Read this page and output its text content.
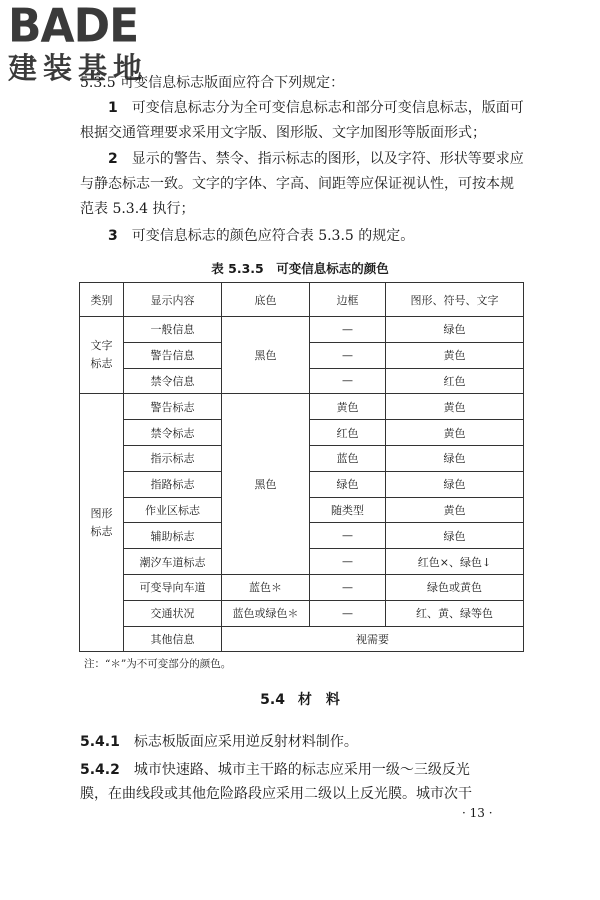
BADE
建装基地
5.3.5 可变信息标志版面应符合下列规定：
1　 可变信息标志分为全可变信息标志和部分可变信息标志，版面可根据交通管理要求采用文字版、图形版、文字加图形等版面形式；
2　 显示的警告、禁令、指示标志的图形，以及字符、形状等要求应与静态标志一致。文字的字体、字高、间距等应保证视认性，可按本规范表 5.3.4 执行；
3　 可变信息标志的颜色应符合表 5.3.5 的规定。
表 5.3.5　可变信息标志的颜色
类别	显示内容	底色	边框	图形、符号、文字
文字标志	一般信息	黑色	—	绿色
	警告信息		—	黄色
	禁令信息		—	红色
图形标志	警告标志	黑色	黄色	黄色
	禁令标志		红色	黄色
	指示标志		蓝色	绿色
	指路标志		绿色	绿色
	作业区标志		随类型	黄色
	辅助标志		—	绿色
	潮汐车道标志		—	红色×、绿色↓
	可变导向车道	蓝色＊	—	绿色或黄色
	交通状况	蓝色或绿色＊	—	红、黄、绿等色
	其他信息	视需要		
注：“＊”为不可变部分的颜色。
5.4 材　料
5.4.1　 标志板版面应采用逆反射材料制作。
5.4.2　 城市快速路、城市主干路的标志应采用一级～三级反光
膜，在曲线段或其他危险路段应采用二级以上反光膜。城市次干
· 13 ·
